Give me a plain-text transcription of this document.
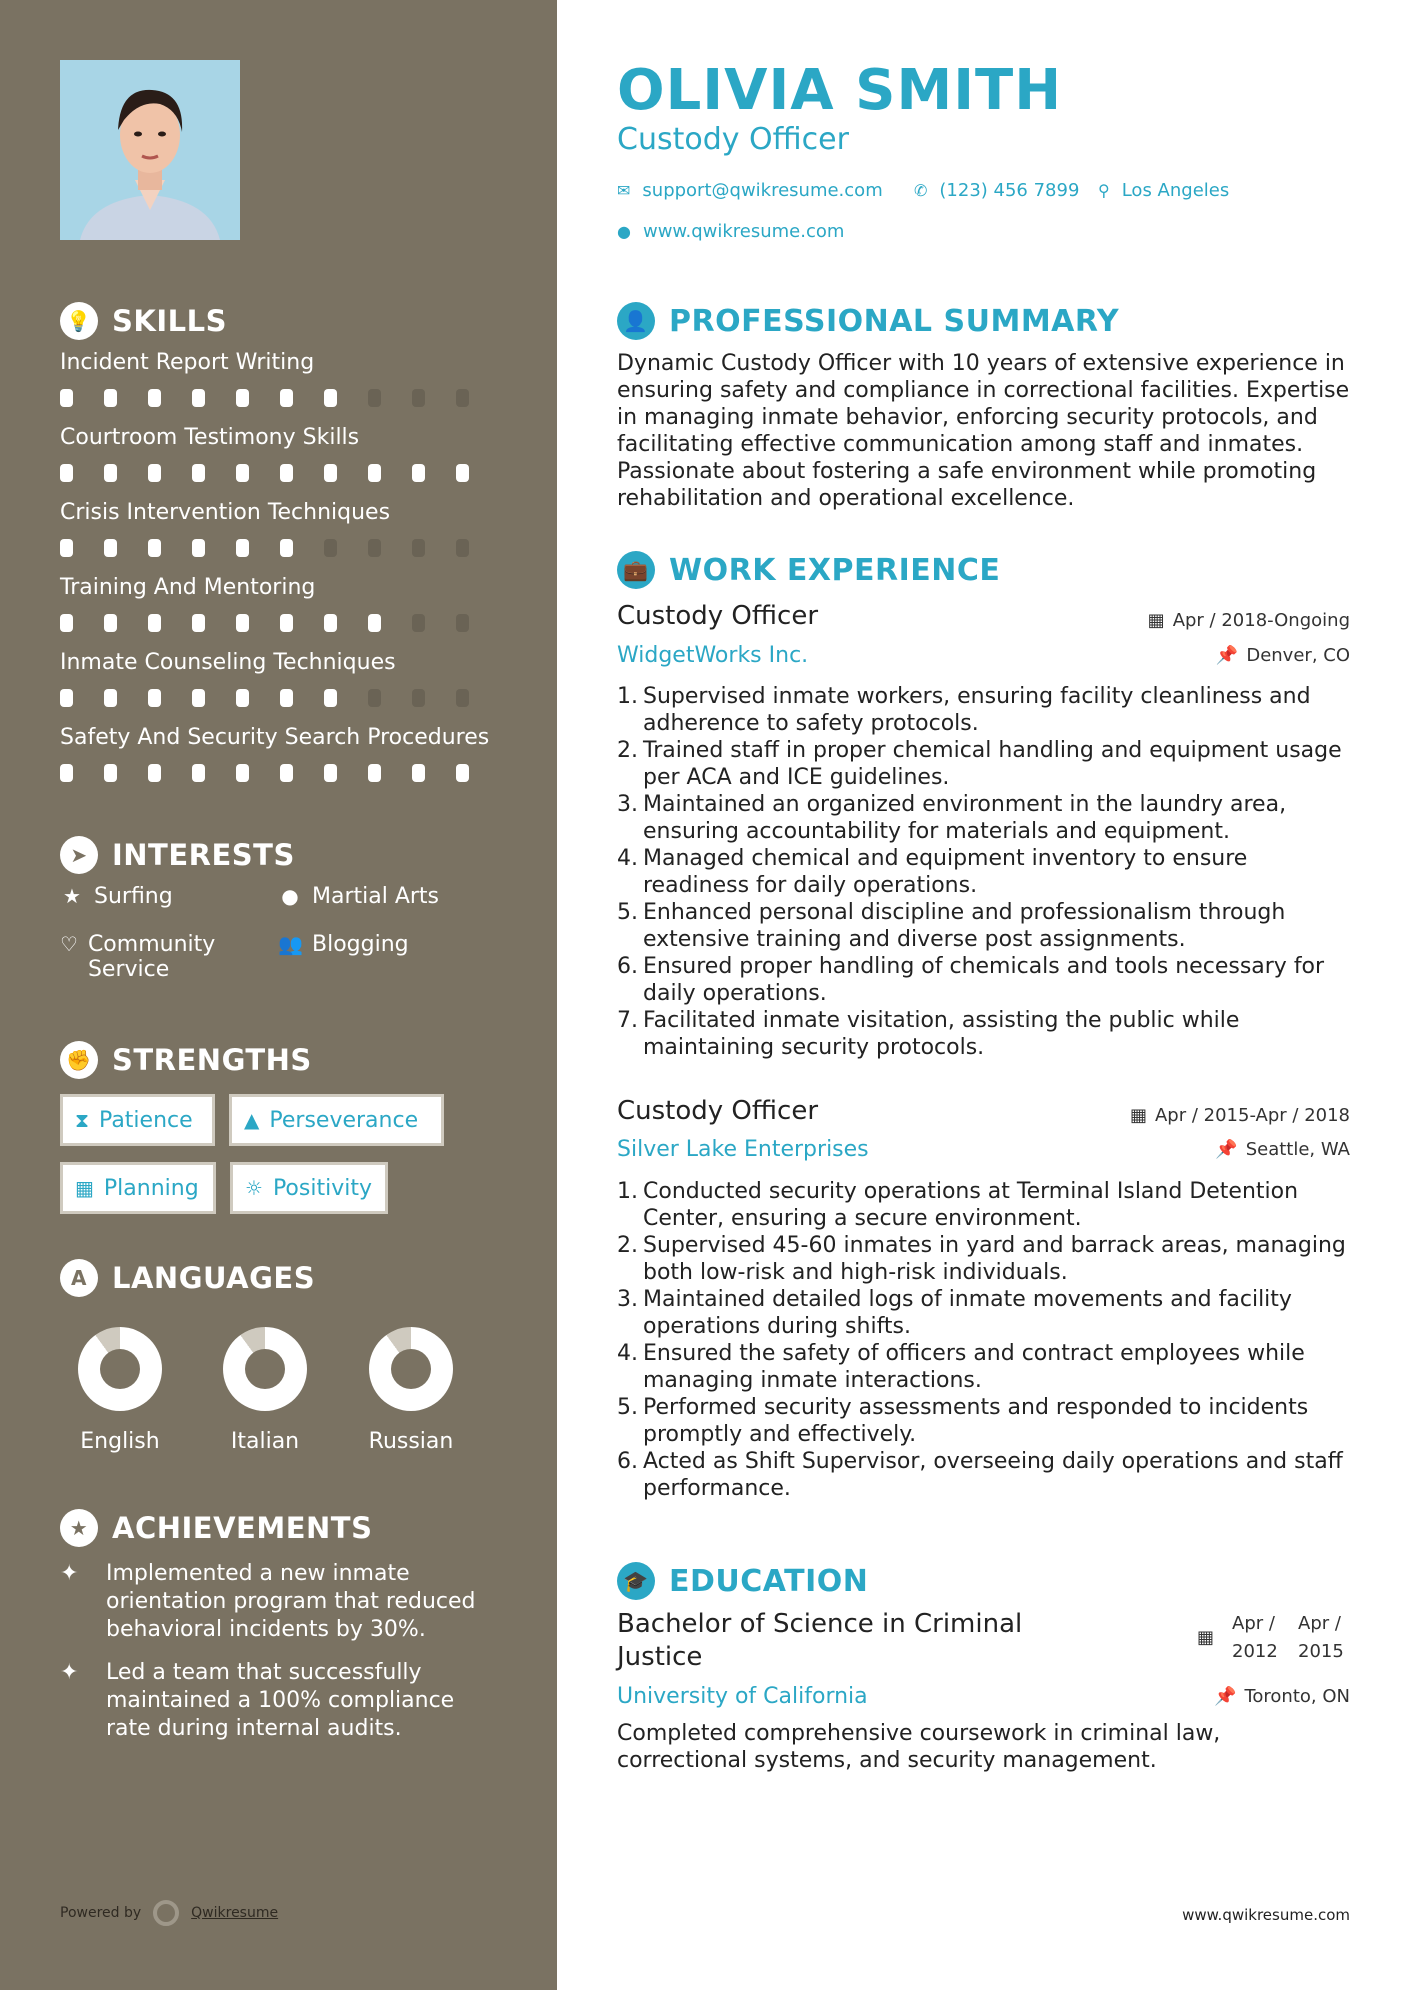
💡 SKILLS
Incident Report Writing
Courtroom Testimony Skills
Crisis Intervention Techniques
Training And Mentoring
Inmate Counseling Techniques
Safety And Security Search Procedures
➤ INTERESTS
★ Surfing	● Martial Arts
♡ Community Service
👥 Blogging
✊ STRENGTHS
⧗ Patience	▲ Perseverance
▦ Planning ☼ Positivity
A LANGUAGES
English	Italian	Russian
★ ACHIEVEMENTS
✦	Implemented a new inmate orientation program that reduced behavioral incidents by 30%.
✦	Led a team that successfully maintained a 100% compliance rate during internal audits.
Powered by	Qwikresume
OLIVIA SMITH
Custody Officer
✉ support@qwikresume.com ✆ (123) 456 7899 ⚲ Los Angeles
● www.qwikresume.com
👤 PROFESSIONAL SUMMARY
Dynamic Custody Officer with 10 years of extensive experience in ensuring safety and compliance in correctional facilities. Expertise in managing inmate behavior, enforcing security protocols, and facilitating effective communication among staff and inmates. Passionate about fostering a safe environment while promoting rehabilitation and operational excellence.
💼 WORK EXPERIENCE
Custody Officer	▦ Apr / 2018-Ongoing
WidgetWorks Inc.	📌 Denver, CO
1. Supervised inmate workers, ensuring facility cleanliness and adherence to safety protocols.
2. Trained staff in proper chemical handling and equipment usage per ACA and ICE guidelines.
3. Maintained an organized environment in the laundry area, ensuring accountability for materials and equipment.
4. Managed chemical and equipment inventory to ensure readiness for daily operations.
5. Enhanced personal discipline and professionalism through extensive training and diverse post assignments.
6. Ensured proper handling of chemicals and tools necessary for daily operations.
7. Facilitated inmate visitation, assisting the public while maintaining security protocols.
Custody Officer	▦ Apr / 2015-Apr / 2018
Silver Lake Enterprises	📌 Seattle, WA
1. Conducted security operations at Terminal Island Detention Center, ensuring a secure environment.
2. Supervised 45-60 inmates in yard and barrack areas, managing both low-risk and high-risk individuals.
3. Maintained detailed logs of inmate movements and facility operations during shifts.
4. Ensured the safety of officers and contract employees while managing inmate interactions.
5. Performed security assessments and responded to incidents promptly and effectively.
6. Acted as Shift Supervisor, overseeing daily operations and staff performance.
🎓 EDUCATION
Bachelor of Science in Criminal Justice
▦
Apr / 2012
Apr / 2015
University of California	📌 Toronto, ON
Completed comprehensive coursework in criminal law, correctional systems, and security management.
www.qwikresume.com
